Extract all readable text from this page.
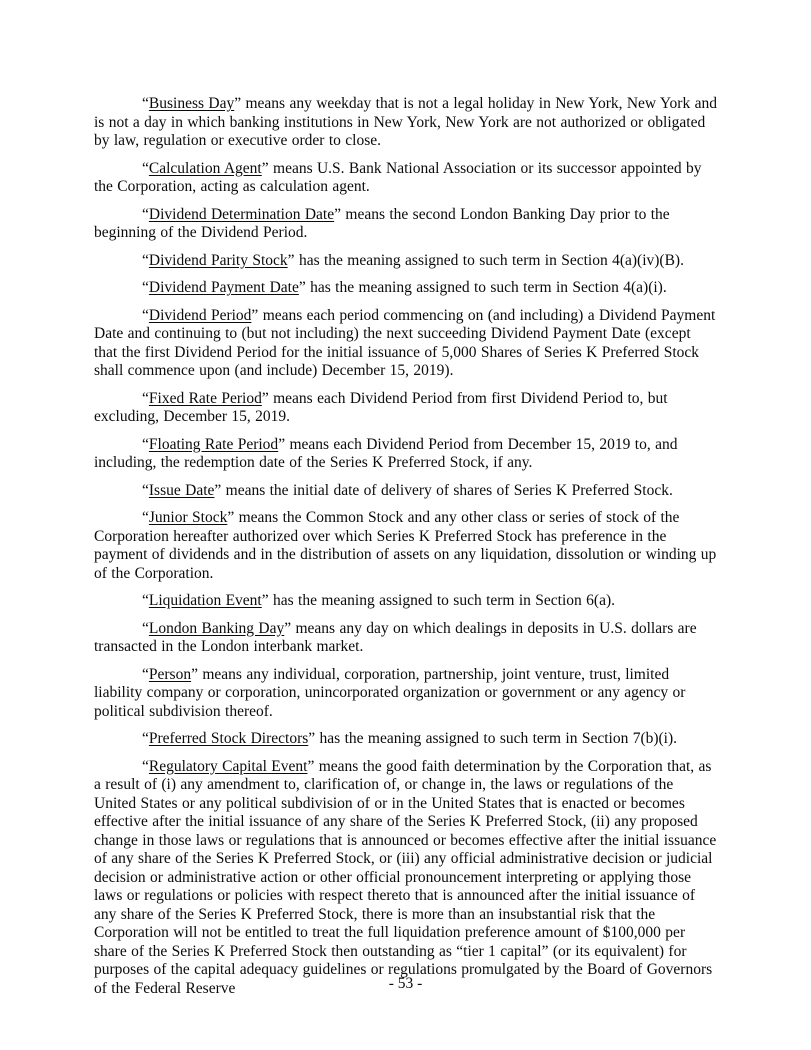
“Business Day” means any weekday that is not a legal holiday in New York, New York and is not a day in which banking institutions in New York, New York are not authorized or obligated by law, regulation or executive order to close.

“Calculation Agent” means U.S. Bank National Association or its successor appointed by the Corporation, acting as calculation agent.

“Dividend Determination Date” means the second London Banking Day prior to the beginning of the Dividend Period.

“Dividend Parity Stock” has the meaning assigned to such term in Section 4(a)(iv)(B).

“Dividend Payment Date” has the meaning assigned to such term in Section 4(a)(i).

“Dividend Period” means each period commencing on (and including) a Dividend Payment Date and continuing to (but not including) the next succeeding Dividend Payment Date (except that the first Dividend Period for the initial issuance of 5,000 Shares of Series K Preferred Stock shall commence upon (and include) December 15, 2019).

“Fixed Rate Period” means each Dividend Period from first Dividend Period to, but excluding, December 15, 2019.

“Floating Rate Period” means each Dividend Period from December 15, 2019 to, and including, the redemption date of the Series K Preferred Stock, if any.

“Issue Date” means the initial date of delivery of shares of Series K Preferred Stock.

“Junior Stock” means the Common Stock and any other class or series of stock of the Corporation hereafter authorized over which Series K Preferred Stock has preference in the payment of dividends and in the distribution of assets on any liquidation, dissolution or winding up of the Corporation.

“Liquidation Event” has the meaning assigned to such term in Section 6(a).

“London Banking Day” means any day on which dealings in deposits in U.S. dollars are transacted in the London interbank market.

“Person” means any individual, corporation, partnership, joint venture, trust, limited liability company or corporation, unincorporated organization or government or any agency or political subdivision thereof.

“Preferred Stock Directors” has the meaning assigned to such term in Section 7(b)(i).

“Regulatory Capital Event” means the good faith determination by the Corporation that, as a result of (i) any amendment to, clarification of, or change in, the laws or regulations of the United States or any political subdivision of or in the United States that is enacted or becomes effective after the initial issuance of any share of the Series K Preferred Stock, (ii) any proposed change in those laws or regulations that is announced or becomes effective after the initial issuance of any share of the Series K Preferred Stock, or (iii) any official administrative decision or judicial decision or administrative action or other official pronouncement interpreting or applying those laws or regulations or policies with respect thereto that is announced after the initial issuance of any share of the Series K Preferred Stock, there is more than an insubstantial risk that the Corporation will not be entitled to treat the full liquidation preference amount of $100,000 per share of the Series K Preferred Stock then outstanding as “tier 1 capital” (or its equivalent) for purposes of the capital adequacy guidelines or regulations promulgated by the Board of Governors of the Federal Reserve	- 53 -
